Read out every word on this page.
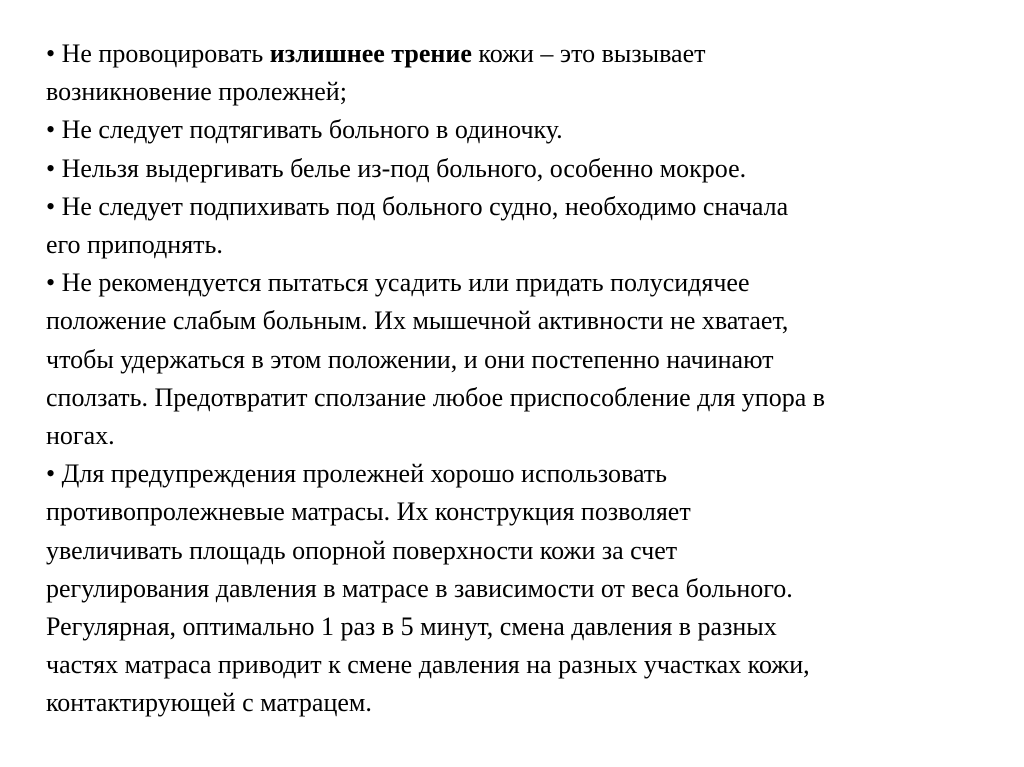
• Не провоцировать излишнее трение кожи – это вызывает
возникновение пролежней;
• Не следует подтягивать больного в одиночку.
• Нельзя выдергивать белье из-под больного, особенно мокрое.
• Не следует подпихивать под больного судно, необходимо сначала
его приподнять.
• Не рекомендуется пытаться усадить или придать полусидячее
положение слабым больным. Их мышечной активности не хватает,
чтобы удержаться в этом положении, и они постепенно начинают
сползать. Предотвратит сползание любое приспособление для упора в
ногах.
• Для предупреждения пролежней хорошо использовать
противопролежневые матрасы. Их конструкция позволяет
увеличивать площадь опорной поверхности кожи за счет
регулирования давления в матрасе в зависимости от веса больного.
Регулярная, оптимально 1 раз в 5 минут, смена давления в разных
частях матраса приводит к смене давления на разных участках кожи,
контактирующей с матрацем.
